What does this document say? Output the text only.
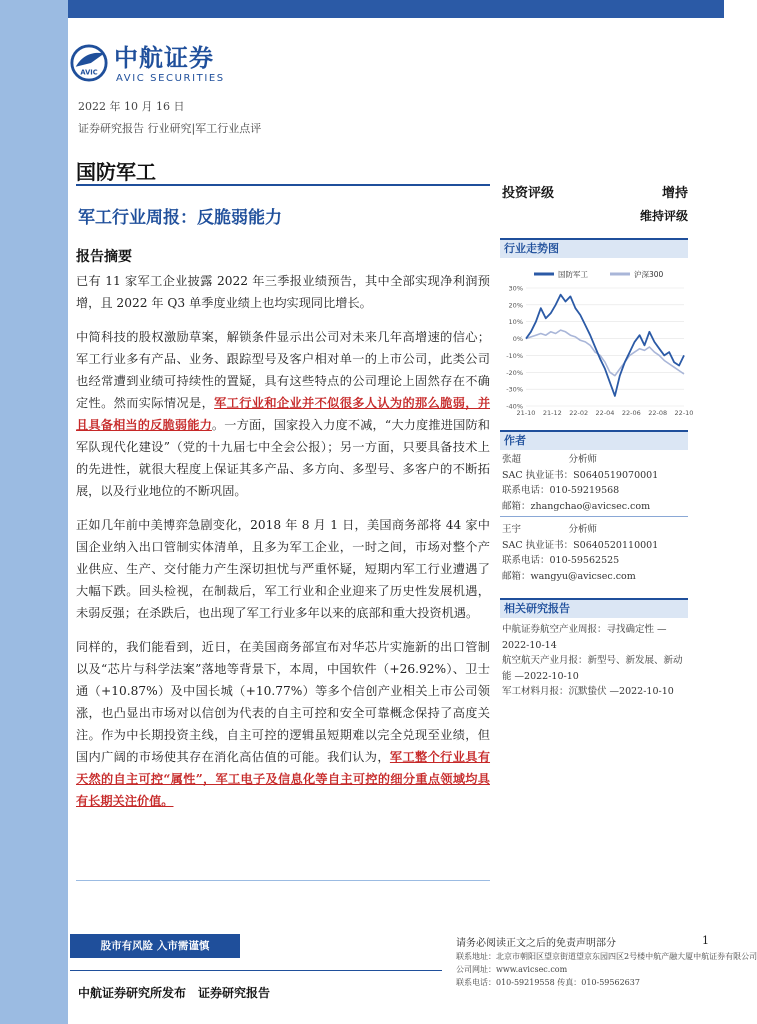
AVIC
中航证券
AVIC SECURITIES
2022 年 10 月 16 日
证券研究报告 行业研究|军工行业点评
国防军工
军工行业周报：反脆弱能力
报告摘要

已有 11 家军工企业披露 2022 年三季报业绩预告，其中全部实现净利润预增，且 2022 年 Q3 单季度业绩上也均实现同比增长。

中简科技的股权激励草案，解锁条件显示出公司对未来几年高增速的信心；军工行业多有产品、业务、跟踪型号及客户相对单一的上市公司，此类公司也经常遭到业绩可持续性的置疑，具有这些特点的公司理论上固然存在不确定性。然而实际情况是，军工行业和企业并不似很多人认为的那么脆弱，并且具备相当的反脆弱能力。一方面，国家投入力度不减，“大力度推进国防和军队现代化建设”（党的十九届七中全会公报）；另一方面，只要具备技术上的先进性，就很大程度上保证其多产品、多方向、多型号、多客户的不断拓展，以及行业地位的不断巩固。

正如几年前中美博弈急剧变化，2018 年 8 月 1 日，美国商务部将 44 家中国企业纳入出口管制实体清单，且多为军工企业，一时之间，市场对整个产业供应、生产、交付能力产生深切担忧与严重怀疑，短期内军工行业遭遇了大幅下跌。回头检视，在制裁后，军工行业和企业迎来了历史性发展机遇，未弱反强；在杀跌后，也出现了军工行业多年以来的底部和重大投资机遇。

同样的，我们能看到，近日，在美国商务部宣布对华芯片实施新的出口管制以及“芯片与科学法案”落地等背景下，本周，中国软件（+26.92%）、卫士通（+10.87%）及中国长城（+10.77%）等多个信创产业相关上市公司领涨，也凸显出市场对以信创为代表的自主可控和安全可靠概念保持了高度关注。作为中长期投资主线，自主可控的逻辑虽短期难以完全兑现至业绩，但国内广阔的市场使其存在消化高估值的可能。我们认为，军工整个行业具有天然的自主可控“属性”，军工电子及信息化等自主可控的细分重点领域均具有长期关注价值。

投资评级	增持
维持评级
行业走势图
国防军工	沪深300
30%
20%
10%
0%
-10%
-20%
-30%
-40%
21-10 21-12 22-02 22-04 22-06 22-08 22-10
作者
张超　　　　　	分析师
SAC 执业证书：S0640519070001
联系电话：010-59219568
邮箱：zhangchao@avicsec.com
王宇　　　　　	分析师
SAC 执业证书：S0640520110001
联系电话：010-59562525
邮箱：wangyu@avicsec.com
相关研究报告
中航证券航空产业周报：寻找确定性 —2022-10-14
航空航天产业月报：新型号、新发展、新动能 —2022-10-10
军工材料月报：沉默蛰伏 —2022-10-10
股市有风险 入市需谨慎	请务必阅读正文之后的免责声明部分	1
联系地址：北京市朝阳区望京街道望京东园四区2号楼中航产融大厦中航证券有限公司
公司网址：www.avicsec.com
联系电话：010-59219558 传真：010-59562637
中航证券研究所发布　证券研究报告
